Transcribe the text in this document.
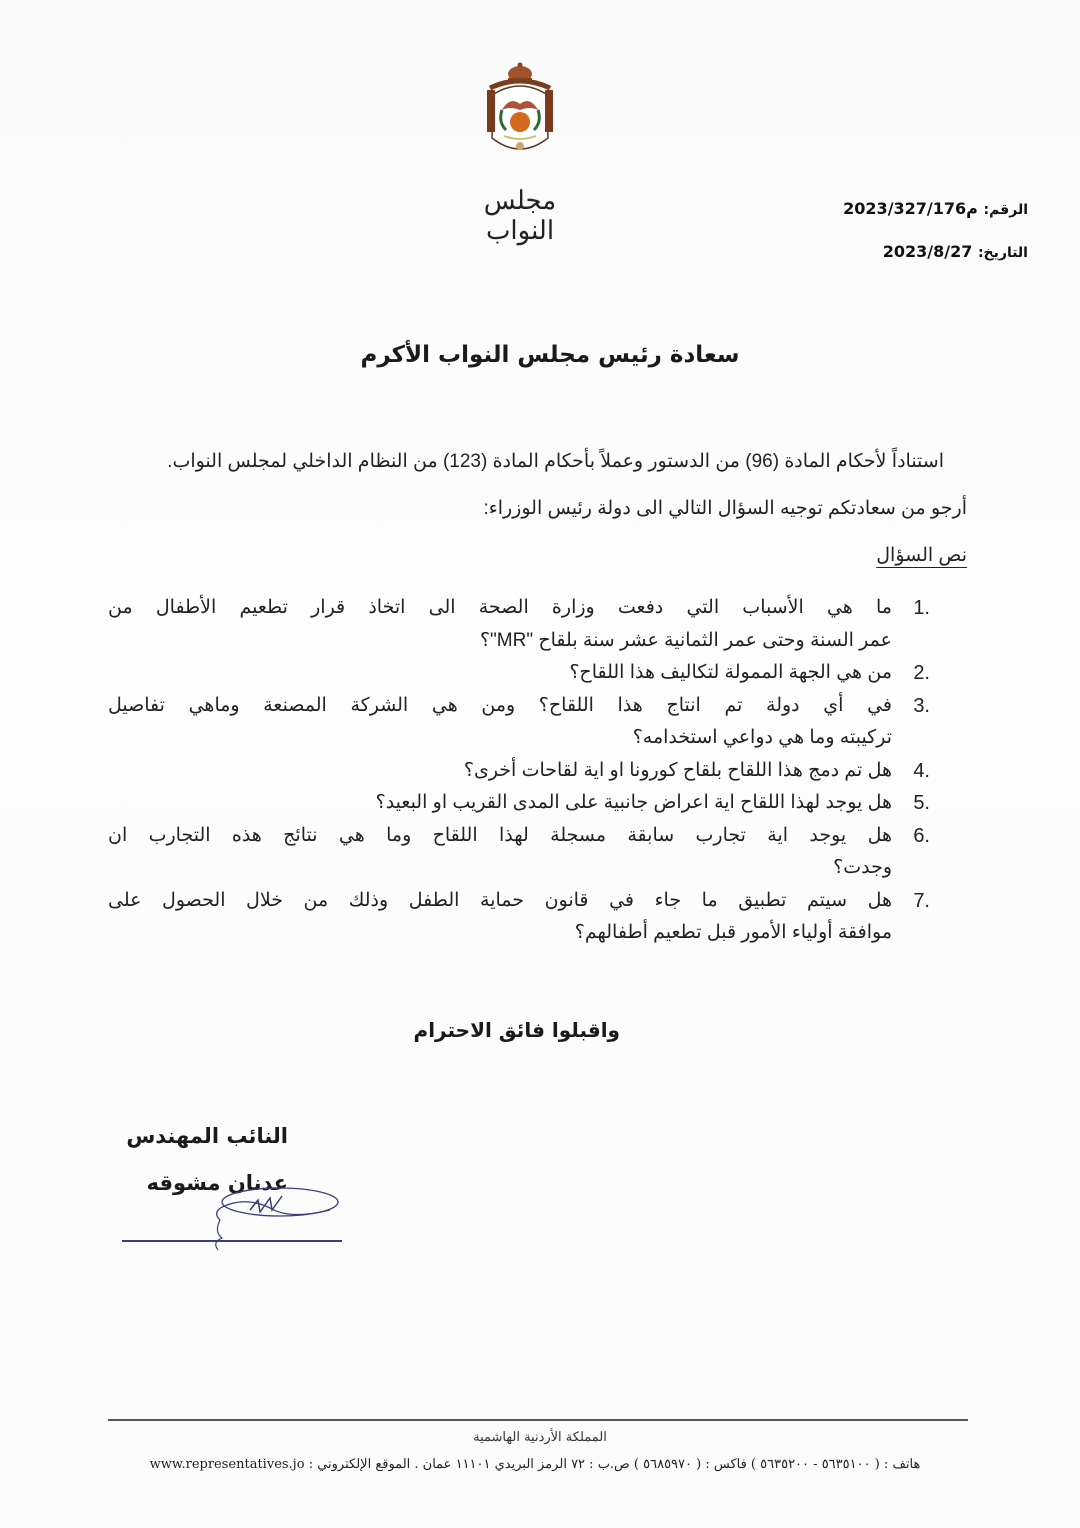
مجلس النواب
الرقم: م2023/327/176
التاريخ: 2023/8/27
سعادة رئيس مجلس النواب الأكرم
استناداً لأحكام المادة (96) من الدستور وعملاً بأحكام المادة (123) من النظام الداخلي لمجلس النواب.
أرجو من سعادتكم توجيه السؤال التالي الى دولة رئيس الوزراء:
نص السؤال
1.
ما هي الأسباب التي دفعت وزارة الصحة الى اتخاذ قرار تطعيم الأطفال من
عمر السنة وحتى عمر الثمانية عشر سنة بلقاح "MR"؟
2.
من هي الجهة الممولة لتكاليف هذا اللقاح؟
3.
في أي دولة تم انتاج هذا اللقاح؟ ومن هي الشركة المصنعة وماهي تفاصيل
تركيبته وما هي دواعي استخدامه؟
4.
هل تم دمج هذا اللقاح بلقاح كورونا او اية لقاحات أخرى؟
5.
هل يوجد لهذا اللقاح اية اعراض جانبية على المدى القريب او البعيد؟
6.
هل يوجد اية تجارب سابقة مسجلة لهذا اللقاح وما هي نتائج هذه التجارب ان
وجدت؟
7.
هل سيتم تطبيق ما جاء في قانون حماية الطفل وذلك من خلال الحصول على
موافقة أولياء الأمور قبل تطعيم أطفالهم؟
واقبلوا فائق الاحترام
النائب المهندس
عدنان مشوقه
المملكة الأردنية الهاشمية
هاتف : ( ٥٦٣٥١٠٠ - ٥٦٣٥٢٠٠ ) فاكس : ( ٥٦٨٥٩٧٠ ) ص.ب : ٧٢ الرمز البريدي ١١١٠١ عمان . الموقع الإلكتروني : www.representatives.jo
